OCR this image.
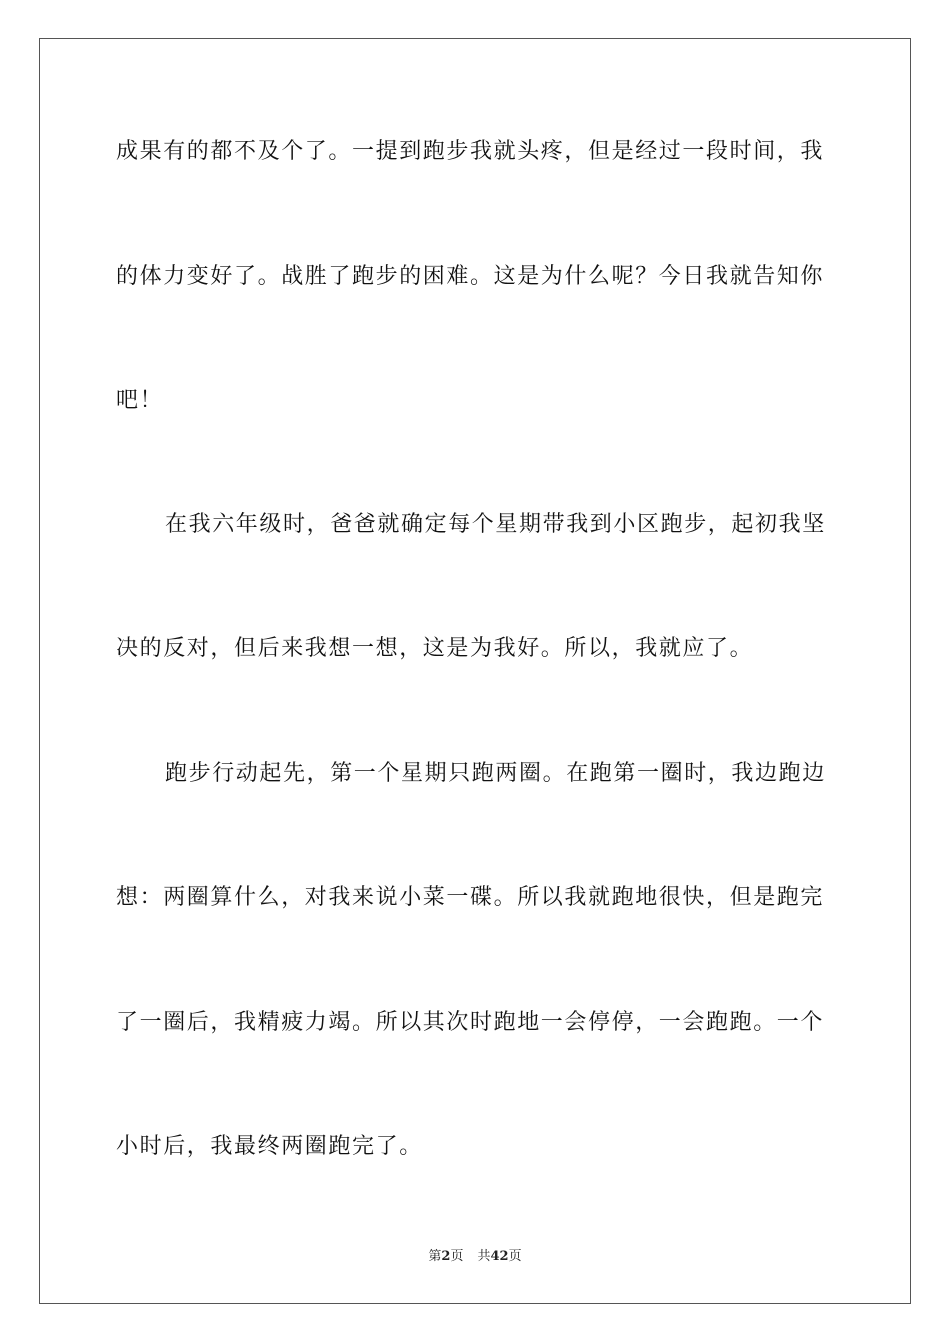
成果有的都不及个了。一提到跑步我就头疼，但是经过一段时间，我
的体力变好了。战胜了跑步的困难。这是为什么呢？今日我就告知你
吧！
在我六年级时，爸爸就确定每个星期带我到小区跑步，起初我坚
决的反对，但后来我想一想，这是为我好。所以，我就应了。
跑步行动起先，第一个星期只跑两圈。在跑第一圈时，我边跑边
想：两圈算什么，对我来说小菜一碟。所以我就跑地很快，但是跑完
了一圈后，我精疲力竭。所以其次时跑地一会停停，一会跑跑。一个
小时后，我最终两圈跑完了。
第2页 共42页
